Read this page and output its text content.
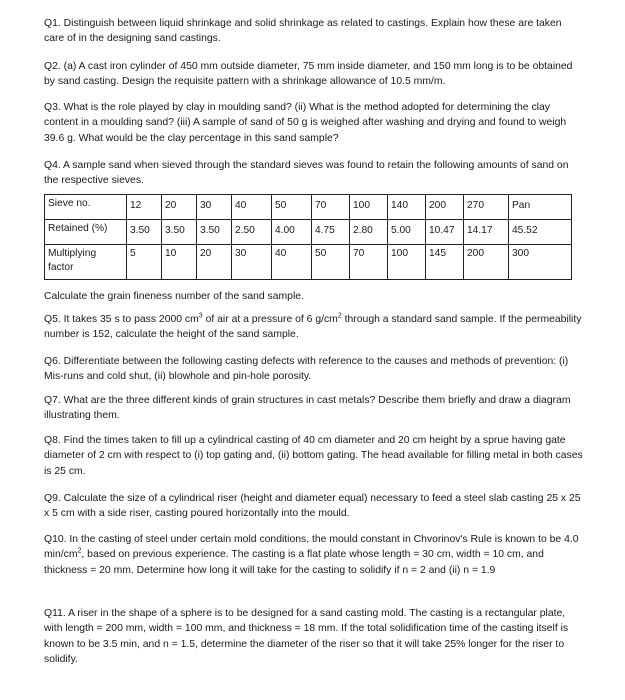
Q1. Distinguish between liquid shrinkage and solid shrinkage as related to castings. Explain how these are taken care of in the designing sand castings.

Q2. (a) A cast iron cylinder of 450 mm outside diameter, 75 mm inside diameter, and 150 mm long is to be obtained by sand casting. Design the requisite pattern with a shrinkage allowance of 10.5 mm/m.

Q3. What is the role played by clay in moulding sand? (ii) What is the method adopted for determining the clay content in a moulding sand? (iii) A sample of sand of 50 g is weighed after washing and drying and found to weigh 39.6 g. What would be the clay percentage in this sand sample?

Q4. A sample sand when sieved through the standard sieves was found to retain the following amounts of sand on the respective sieves.

Sieve no.	12	20	30	40	50	70	100	140	200	270	Pan
Retained (%)	3.50	3.50	3.50	2.50	4.00	4.75	2.80	5.00	10.47	14.17	45.52
Multiplying factor	5	10	20	30	40	50	70	100	145	200	300

Calculate the grain fineness number of the sand sample.

Q5. It takes 35 s to pass 2000 $cm^3$ of air at a pressure of 6 $g/cm^2$ through a standard sand sample. If the permeability number is 152, calculate the height of the sand sample.

Q6. Differentiate between the following casting defects with reference to the causes and methods of prevention: (i) Mis-runs and cold shut, (ii) blowhole and pin-hole porosity.

Q7. What are the three different kinds of grain structures in cast metals? Describe them briefly and draw a diagram illustrating them.

Q8. Find the times taken to fill up a cylindrical casting of 40 cm diameter and 20 cm height by a sprue having gate diameter of 2 cm with respect to (i) top gating and, (ii) bottom gating. The head available for filling metal in both cases is 25 cm.

Q9. Calculate the size of a cylindrical riser (height and diameter equal) necessary to feed a steel slab casting 25 x 25 x 5 cm with a side riser, casting poured horizontally into the mould.

Q10. In the casting of steel under certain mold conditions, the mould constant in Chvorinov's Rule is known to be 4.0 $\min/cm^2$, based on previous experience. The casting is a flat plate whose length = 30 cm, width = 10 cm, and thickness = 20 mm. Determine how long it will take for the casting to solidify if n = 2 and (ii) n = 1.9

Q11. A riser in the shape of a sphere is to be designed for a sand casting mold. The casting is a rectangular plate, with length = 200 mm, width = 100 mm, and thickness = 18 mm. If the total solidification time of the casting itself is known to be 3.5 min, and n = 1.5, determine the diameter of the riser so that it will take 25% longer for the riser to solidify.
